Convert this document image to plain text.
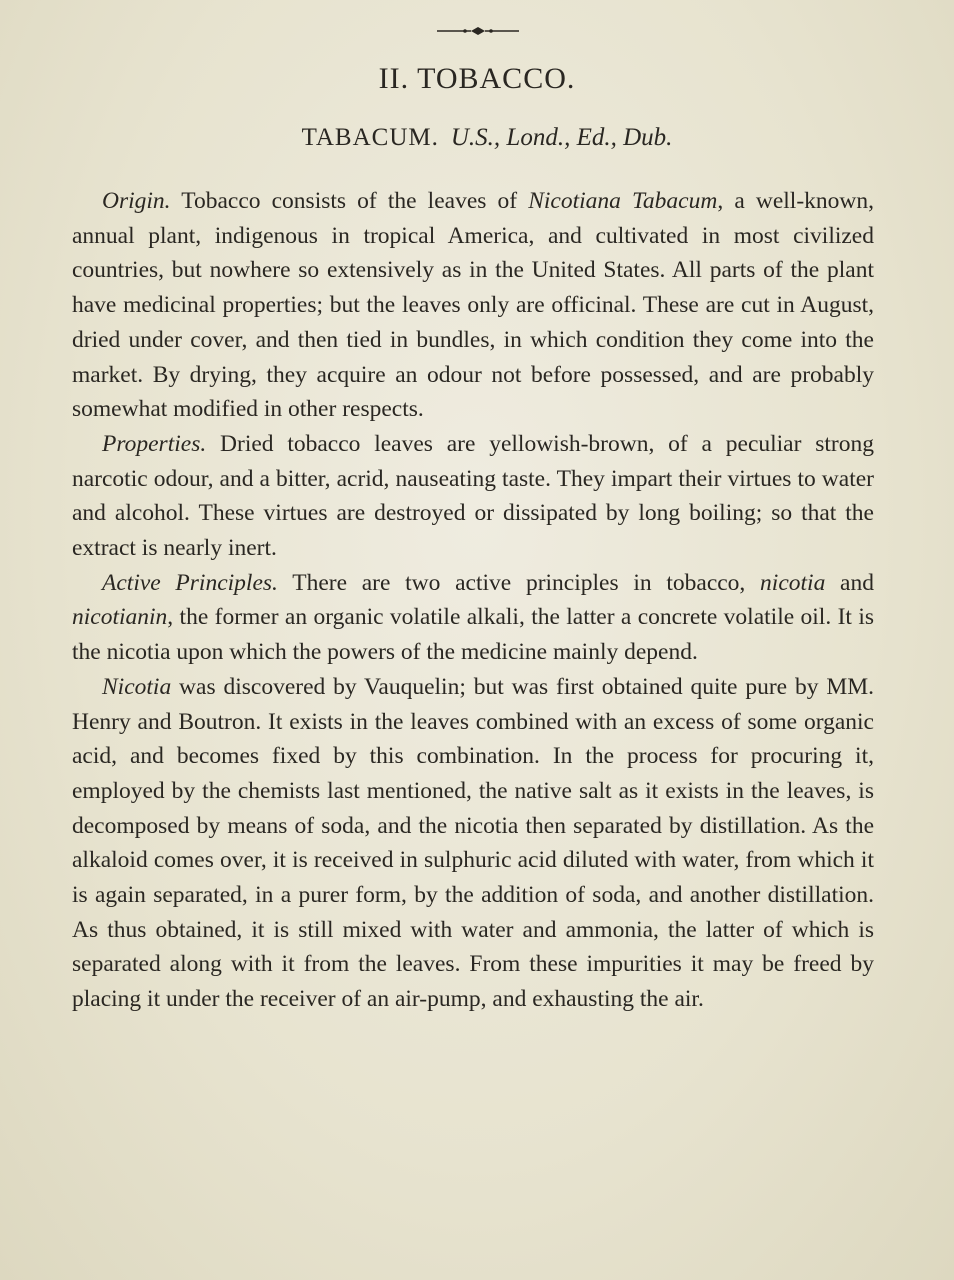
II. TOBACCO.
TABACUM. U.S., Lond., Ed., Dub.

Origin. Tobacco consists of the leaves of Nicotiana Tabacum, a well-known, annual plant, indigenous in tropical America, and cultivated in most civilized countries, but nowhere so extensively as in the United States. All parts of the plant have medicinal properties; but the leaves only are officinal. These are cut in August, dried under cover, and then tied in bundles, in which condition they come into the market. By drying, they acquire an odour not before possessed, and are probably somewhat modified in other respects.

Properties. Dried tobacco leaves are yellowish-brown, of a peculiar strong narcotic odour, and a bitter, acrid, nauseating taste. They impart their virtues to water and alcohol. These virtues are destroyed or dissipated by long boiling; so that the extract is nearly inert.

Active Principles. There are two active principles in tobacco, nicotia and nicotianin, the former an organic volatile alkali, the latter a concrete volatile oil. It is the nicotia upon which the powers of the medicine mainly depend.

Nicotia was discovered by Vauquelin; but was first obtained quite pure by MM. Henry and Boutron. It exists in the leaves combined with an excess of some organic acid, and becomes fixed by this combination. In the process for procuring it, employed by the chemists last mentioned, the native salt as it exists in the leaves, is decomposed by means of soda, and the nicotia then separated by distillation. As the alkaloid comes over, it is received in sulphuric acid diluted with water, from which it is again separated, in a purer form, by the addition of soda, and another distillation. As thus obtained, it is still mixed with water and ammonia, the latter of which is separated along with it from the leaves. From these impurities it may be freed by placing it under the receiver of an air-pump, and exhausting the air.
